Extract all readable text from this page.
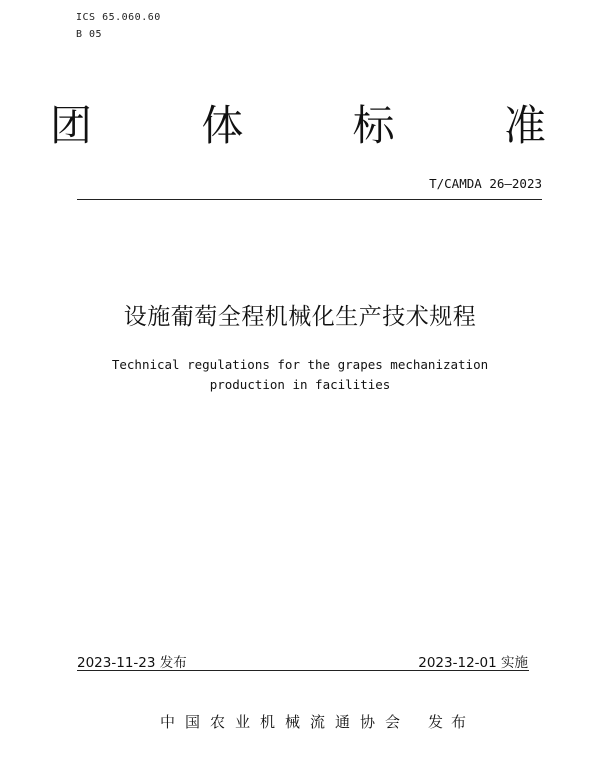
ICS 65.060.60
B 05
团 体 标 准
T/CAMDA 26—2023
设施葡萄全程机械化生产技术规程
Technical regulations for the grapes mechanization
production in facilities
2023-11-23 发布	2023-12-01 实施
中国农业机械流通协会 发布
